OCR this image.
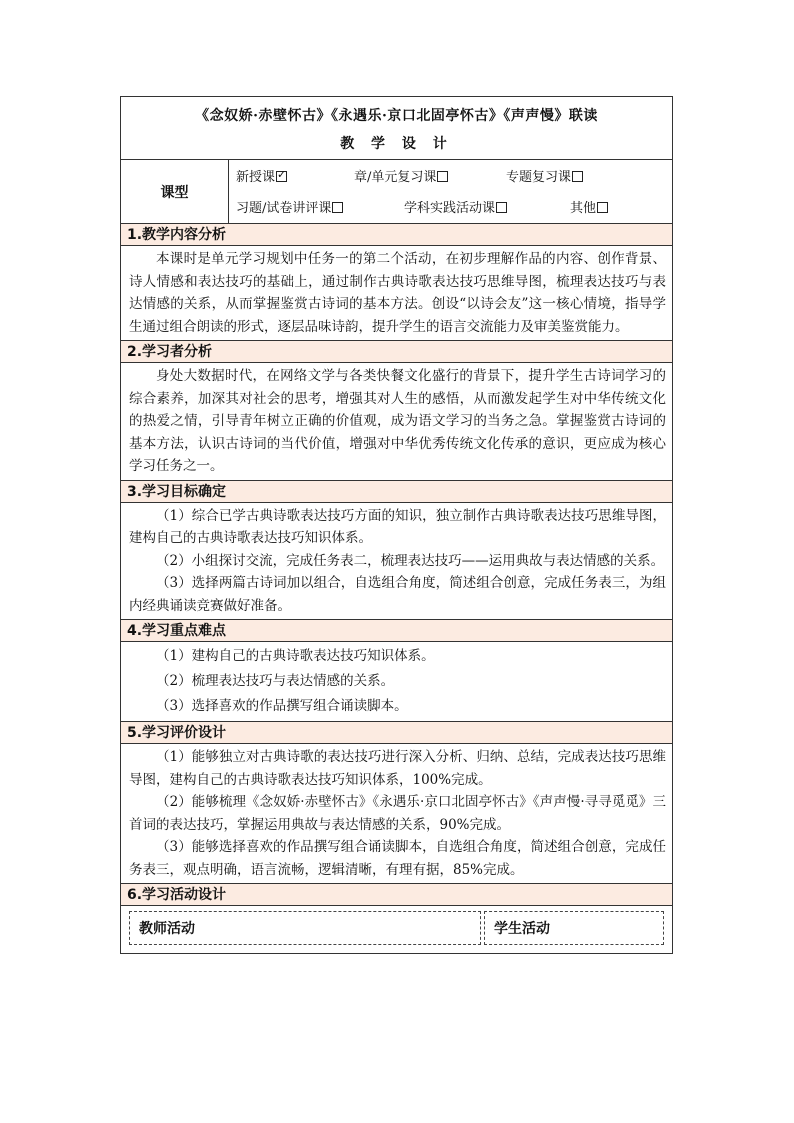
《念奴娇·赤壁怀古》《永遇乐·京口北固亭怀古》《声声慢》联读
教 学 设 计
课型
新授课
✓	章/单元复习课	专题复习课
习题/试卷讲评课	学科实践活动课	其他
1.教学内容分析

本课时是单元学习规划中任务一的第二个活动，在初步理解作品的内容、创作背景、诗人情感和表达技巧的基础上，通过制作古典诗歌表达技巧思维导图，梳理表达技巧与表达情感的关系，从而掌握鉴赏古诗词的基本方法。创设“以诗会友”这一核心情境，指导学生通过组合朗读的形式，逐层品味诗韵，提升学生的语言交流能力及审美鉴赏能力。

2.学习者分析

身处大数据时代，在网络文学与各类快餐文化盛行的背景下，提升学生古诗词学习的综合素养，加深其对社会的思考，增强其对人生的感悟，从而激发起学生对中华传统文化的热爱之情，引导青年树立正确的价值观，成为语文学习的当务之急。掌握鉴赏古诗词的基本方法，认识古诗词的当代价值，增强对中华优秀传统文化传承的意识，更应成为核心学习任务之一。

3.学习目标确定

（1）综合已学古典诗歌表达技巧方面的知识，独立制作古典诗歌表达技巧思维导图，建构自己的古典诗歌表达技巧知识体系。

（2）小组探讨交流，完成任务表二，梳理表达技巧——运用典故与表达情感的关系。

（3）选择两篇古诗词加以组合，自选组合角度，简述组合创意，完成任务表三，为组内经典诵读竞赛做好准备。

4.学习重点难点

（1）建构自己的古典诗歌表达技巧知识体系。

（2）梳理表达技巧与表达情感的关系。

（3）选择喜欢的作品撰写组合诵读脚本。

5.学习评价设计

（1）能够独立对古典诗歌的表达技巧进行深入分析、归纳、总结，完成表达技巧思维导图，建构自己的古典诗歌表达技巧知识体系，100%完成。

（2）能够梳理《念奴娇·赤壁怀古》《永遇乐·京口北固亭怀古》《声声慢·寻寻觅觅》三首词的表达技巧，掌握运用典故与表达情感的关系，90%完成。

（3）能够选择喜欢的作品撰写组合诵读脚本，自选组合角度，简述组合创意，完成任务表三，观点明确，语言流畅，逻辑清晰，有理有据，85%完成。

6.学习活动设计
教师活动	学生活动
